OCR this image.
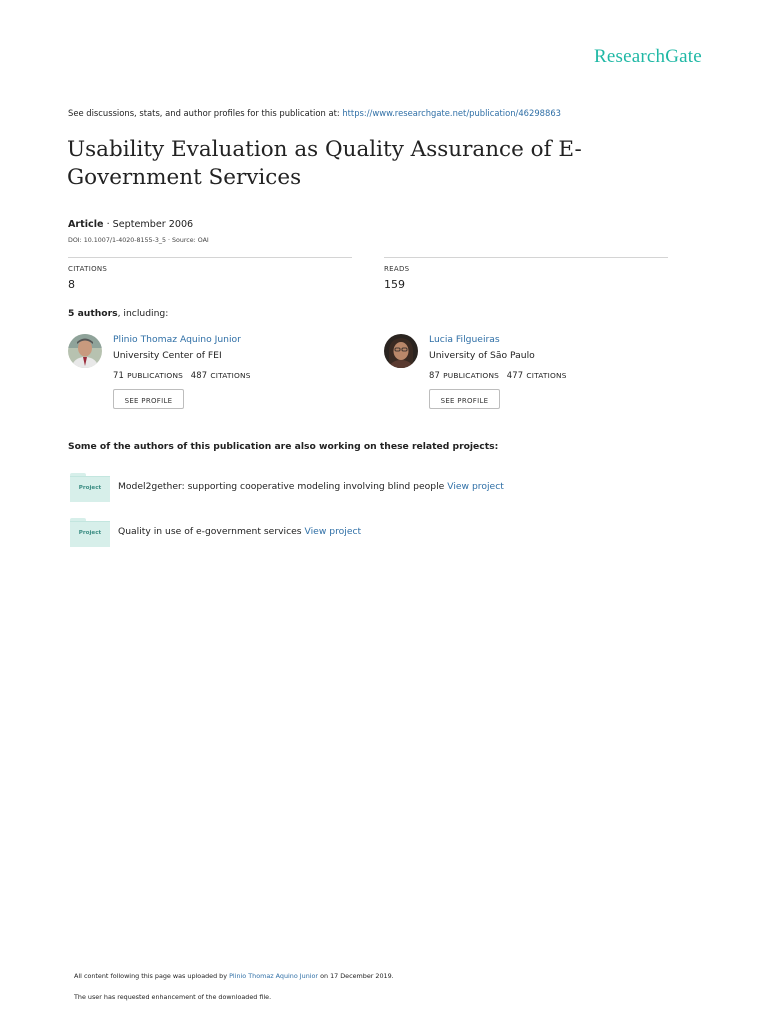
ResearchGate
See discussions, stats, and author profiles for this publication at: https://www.researchgate.net/publication/46298863
Usability Evaluation as Quality Assurance of E-Government Services
Article · September 2006
DOI: 10.1007/1-4020-8155-3_5 · Source: OAI
CITATIONS
8
READS
159
5 authors, including:
Plinio Thomaz Aquino Junior
University Center of FEI
71 PUBLICATIONS 487 CITATIONS
SEE PROFILE
Lucia Filgueiras
University of São Paulo
87 PUBLICATIONS 477 CITATIONS
SEE PROFILE
Some of the authors of this publication are also working on these related projects:
Project	Model2gether: supporting cooperative modeling involving blind people View project
Project	Quality in use of e-government services View project
All content following this page was uploaded by Plinio Thomaz Aquino Junior on 17 December 2019.
The user has requested enhancement of the downloaded file.
